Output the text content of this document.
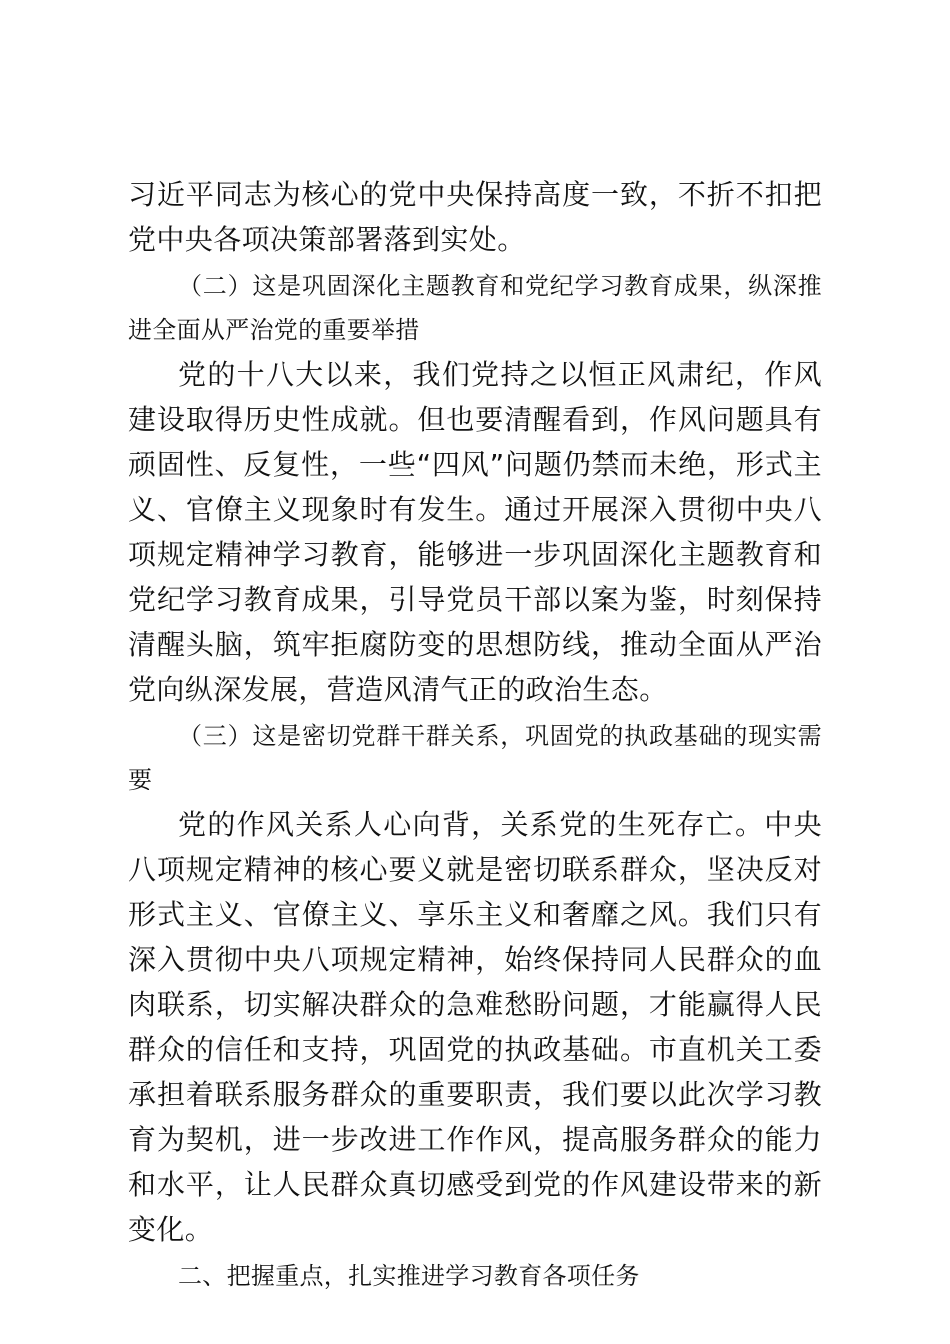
习近平同志为核心的党中央保持高度一致，不折不扣把党中央各项决策部署落到实处。

（二）这是巩固深化主题教育和党纪学习教育成果，纵深推进全面从严治党的重要举措

党的十八大以来，我们党持之以恒正风肃纪，作风建设取得历史性成就。但也要清醒看到，作风问题具有顽固性、反复性，一些“四风”问题仍禁而未绝，形式主义、官僚主义现象时有发生。通过开展深入贯彻中央八项规定精神学习教育，能够进一步巩固深化主题教育和党纪学习教育成果，引导党员干部以案为鉴，时刻保持清醒头脑，筑牢拒腐防变的思想防线，推动全面从严治党向纵深发展，营造风清气正的政治生态。

（三）这是密切党群干群关系，巩固党的执政基础的现实需要

党的作风关系人心向背，关系党的生死存亡。中央八项规定精神的核心要义就是密切联系群众，坚决反对形式主义、官僚主义、享乐主义和奢靡之风。我们只有深入贯彻中央八项规定精神，始终保持同人民群众的血肉联系，切实解决群众的急难愁盼问题，才能赢得人民群众的信任和支持，巩固党的执政基础。市直机关工委承担着联系服务群众的重要职责，我们要以此次学习教育为契机，进一步改进工作作风，提高服务群众的能力和水平，让人民群众真切感受到党的作风建设带来的新变化。

二、把握重点，扎实推进学习教育各项任务
